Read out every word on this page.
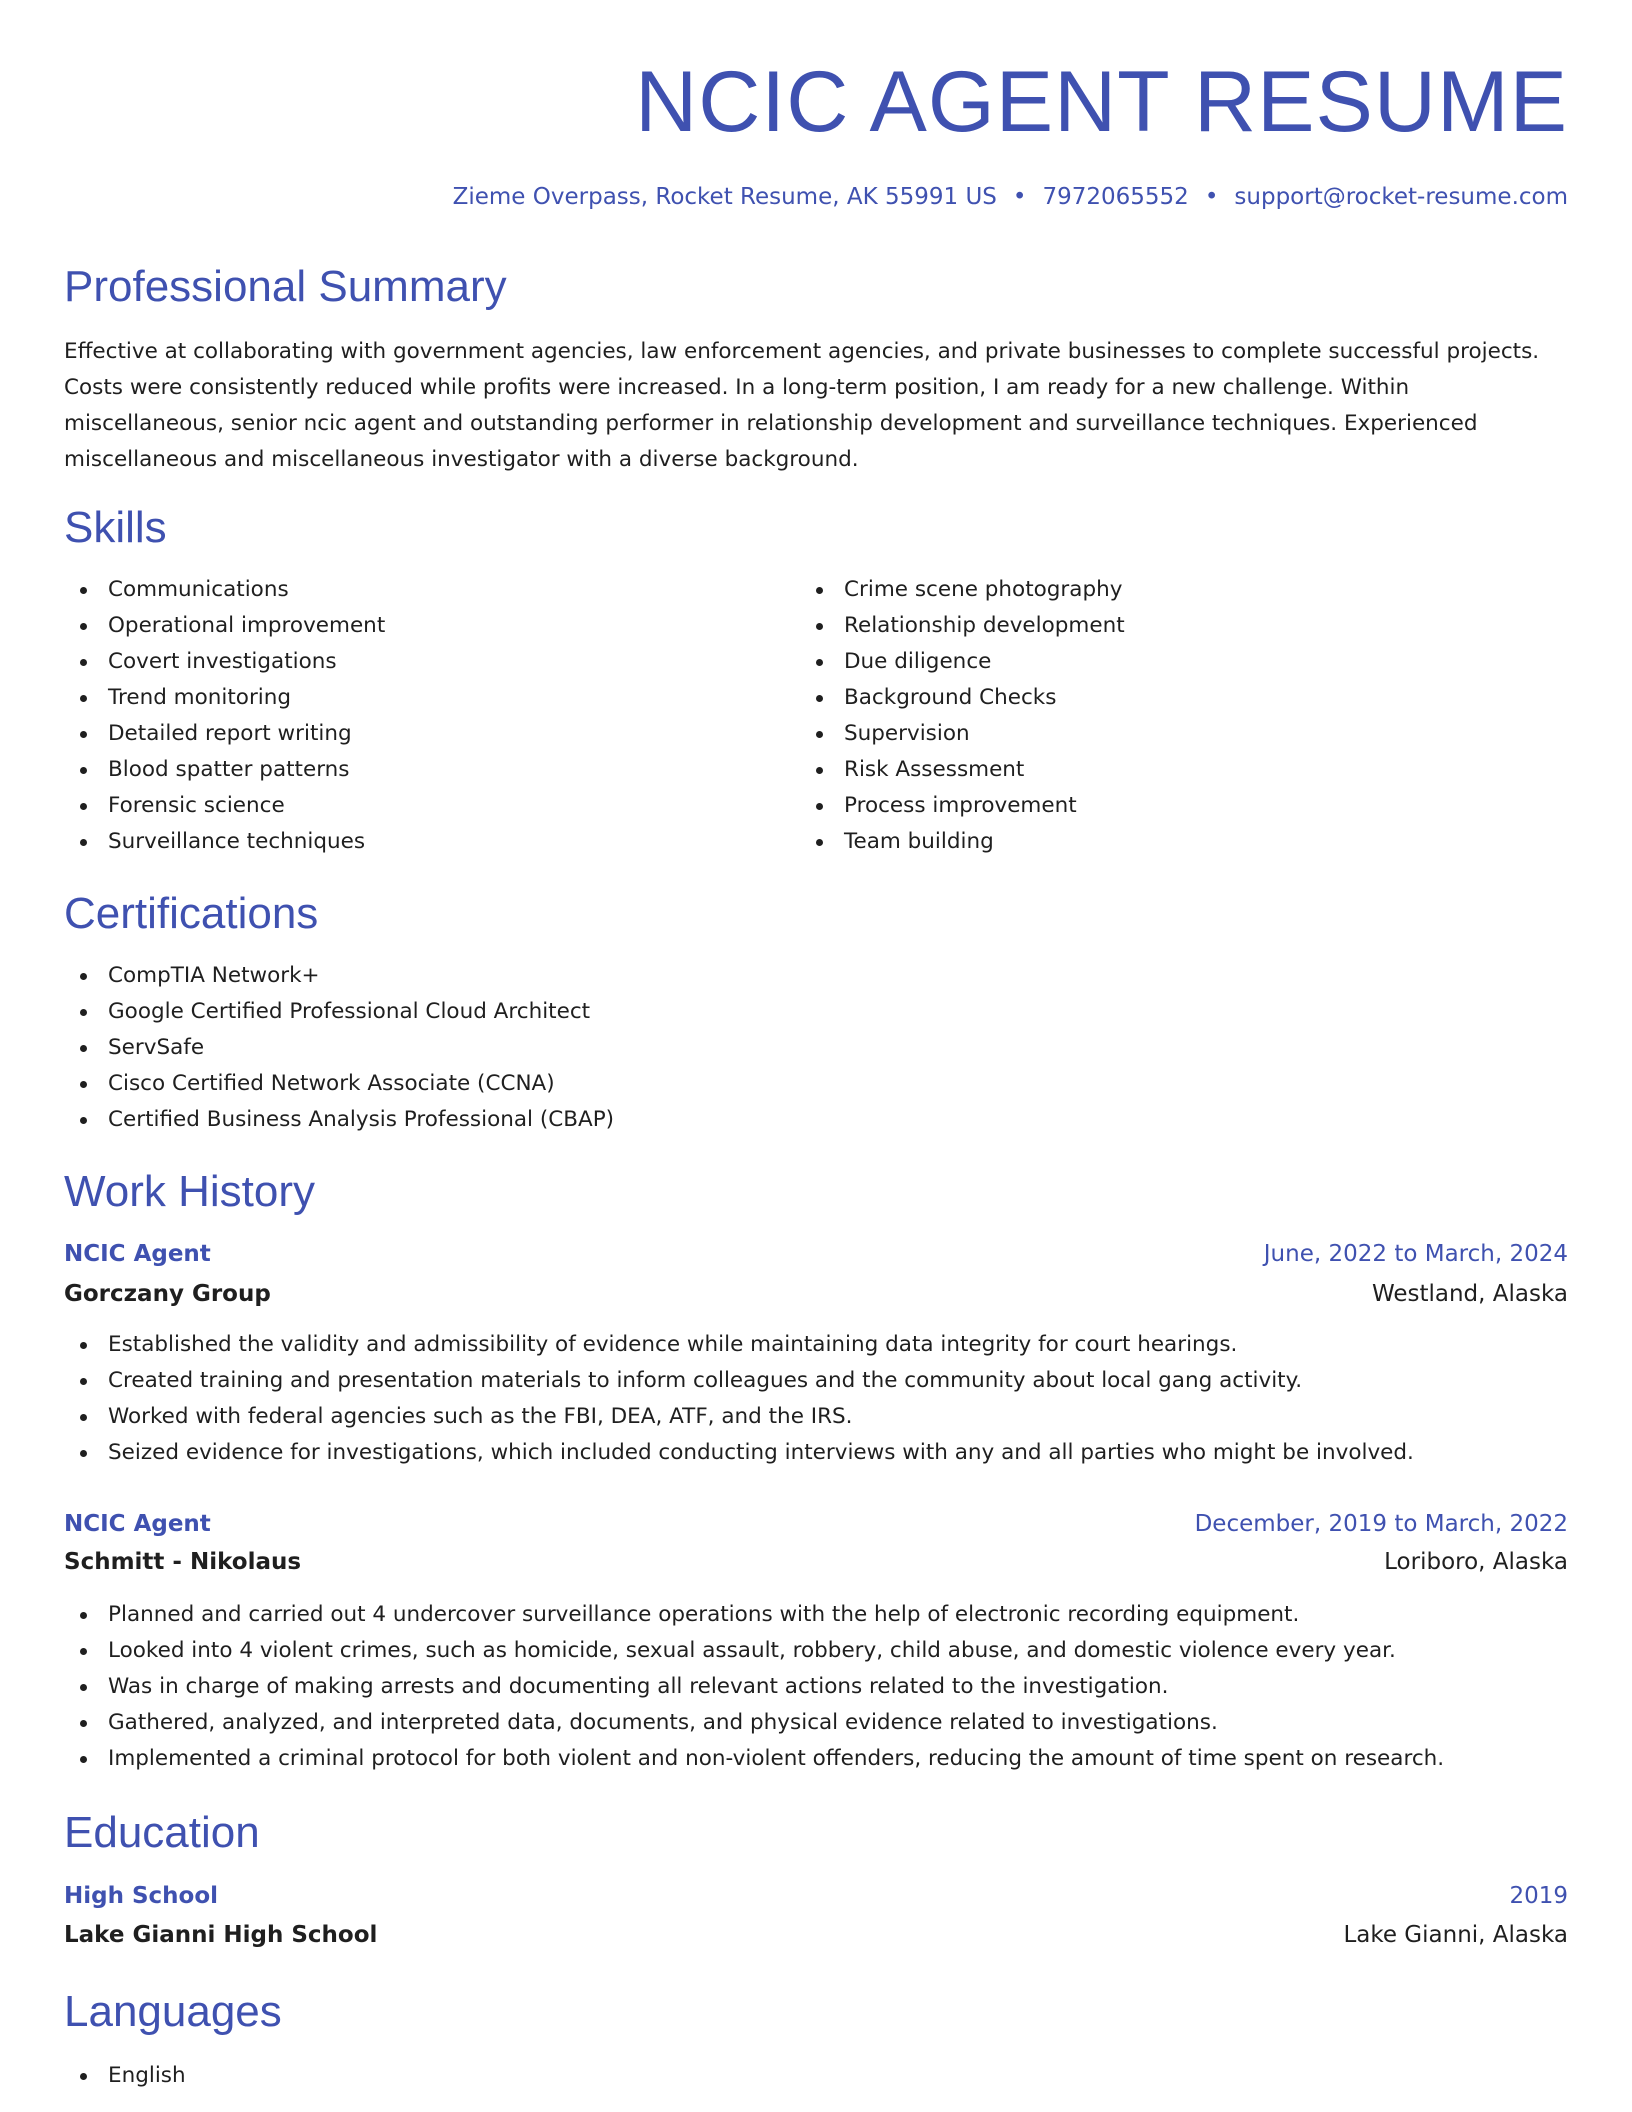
NCIC AGENT RESUME
Zieme Overpass, Rocket Resume, AK 55991 US • 7972065552 • support@rocket-resume.com
Professional Summary

Effective at collaborating with government agencies, law enforcement agencies, and private businesses to complete successful projects. Costs were consistently reduced while profits were increased. In a long-term position, I am ready for a new challenge. Within miscellaneous, senior ncic agent and outstanding performer in relationship development and surveillance techniques. Experienced miscellaneous and miscellaneous investigator with a diverse background.

Skills
Communications
Operational improvement
Covert investigations
Trend monitoring
Detailed report writing
Blood spatter patterns
Forensic science
Surveillance techniques
Crime scene photography
Relationship development
Due diligence
Background Checks
Supervision
Risk Assessment
Process improvement
Team building
Certifications
CompTIA Network+
Google Certified Professional Cloud Architect
ServSafe
Cisco Certified Network Associate (CCNA)
Certified Business Analysis Professional (CBAP)
Work History
NCIC Agent	June, 2022 to March, 2024
Gorczany Group	Westland, Alaska
Established the validity and admissibility of evidence while maintaining data integrity for court hearings.
Created training and presentation materials to inform colleagues and the community about local gang activity.
Worked with federal agencies such as the FBI, DEA, ATF, and the IRS.
Seized evidence for investigations, which included conducting interviews with any and all parties who might be involved.
NCIC Agent	December, 2019 to March, 2022
Schmitt - Nikolaus	Loriboro, Alaska
Planned and carried out 4 undercover surveillance operations with the help of electronic recording equipment.
Looked into 4 violent crimes, such as homicide, sexual assault, robbery, child abuse, and domestic violence every year.
Was in charge of making arrests and documenting all relevant actions related to the investigation.
Gathered, analyzed, and interpreted data, documents, and physical evidence related to investigations.
Implemented a criminal protocol for both violent and non-violent offenders, reducing the amount of time spent on research.
Education
High School	2019
Lake Gianni High School	Lake Gianni, Alaska
Languages
English
